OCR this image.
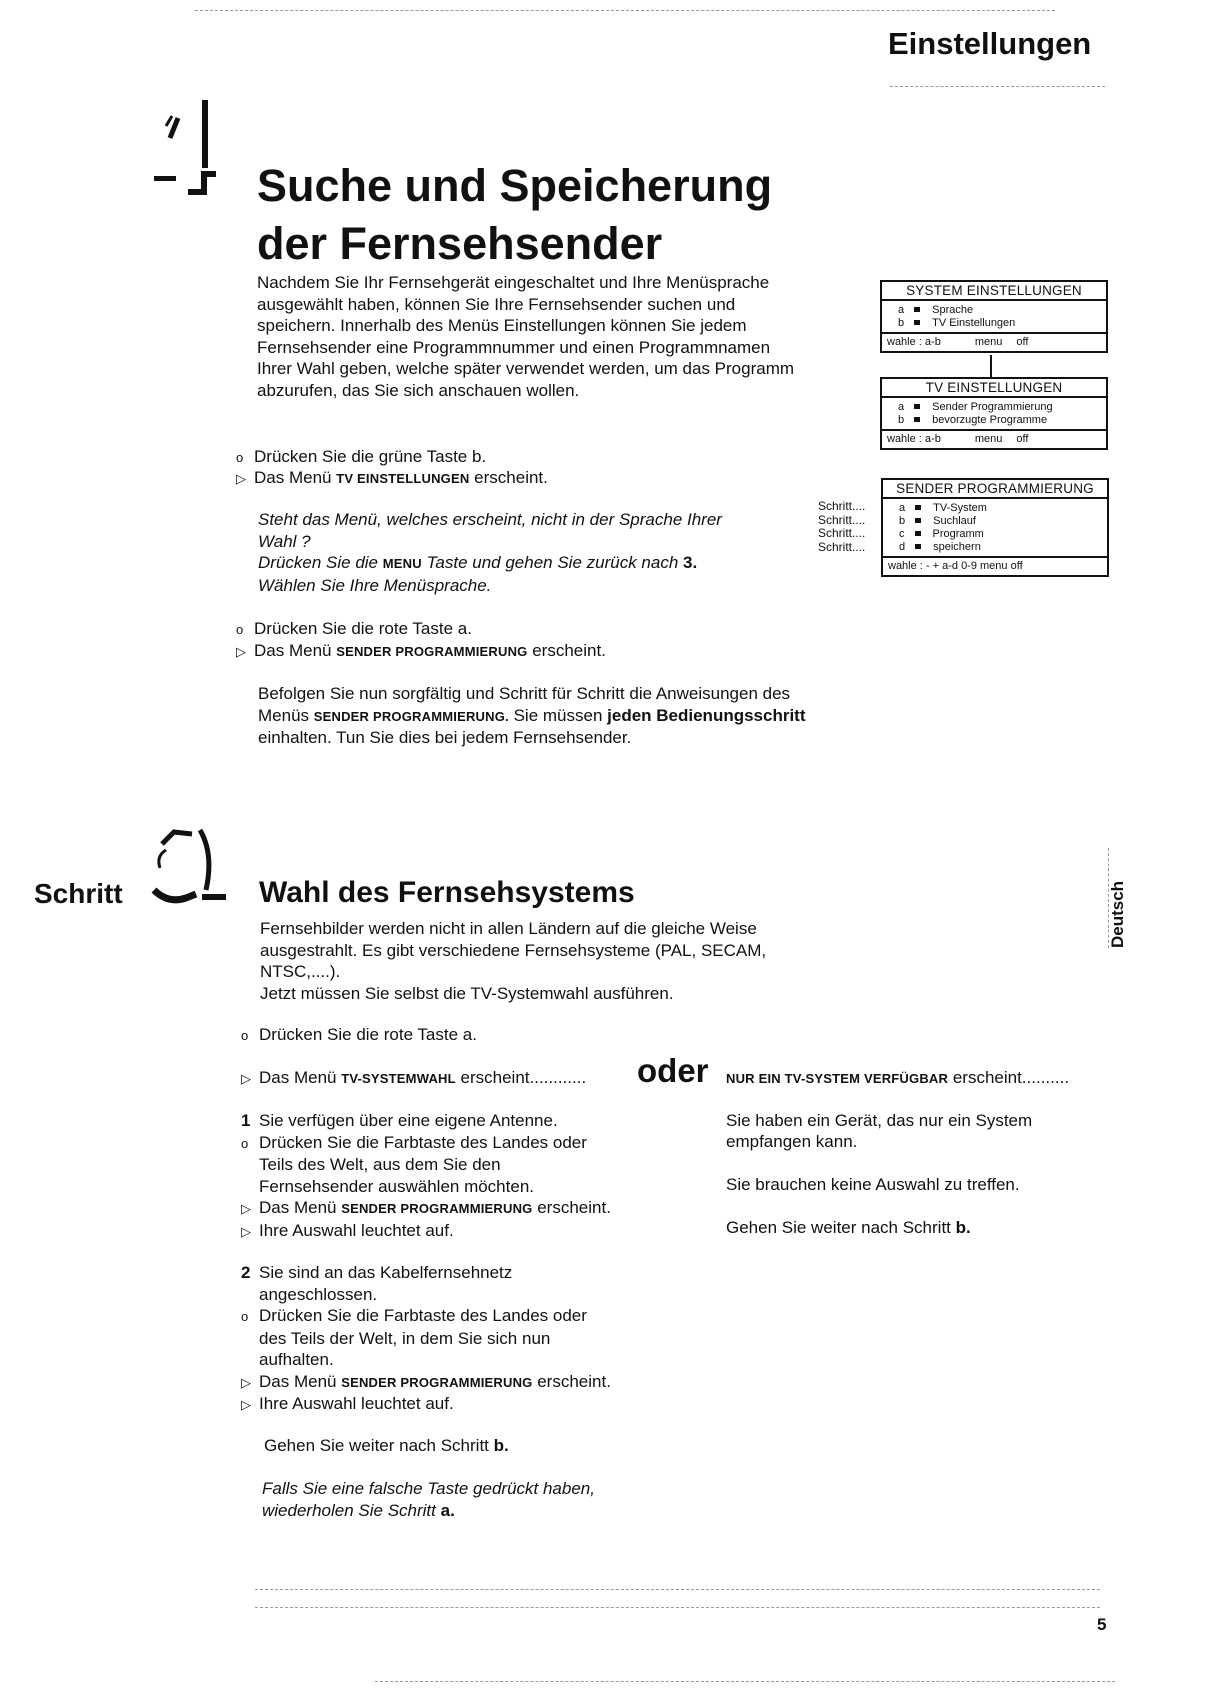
Einstellungen
Suche und Speicherung
der Fernsehsender
Nachdem Sie Ihr Fernsehgerät eingeschaltet und Ihre Menüsprache
ausgewählt haben, können Sie Ihre Fernsehsender suchen und
speichern. Innerhalb des Menüs Einstellungen können Sie jedem
Fernsehsender eine Programmnummer und einen Programmnamen
Ihrer Wahl geben, welche später verwendet werden, um das Programm
abzurufen, das Sie sich anschauen wollen.
o Drücken Sie die grüne Taste b.
▷ Das Menü TV EINSTELLUNGEN erscheint.
Steht das Menü, welches erscheint, nicht in der Sprache Ihrer
Wahl ?
Drücken Sie die MENU Taste und gehen Sie zurück nach 3.
Wählen Sie Ihre Menüsprache.
o Drücken Sie die rote Taste a.
▷ Das Menü SENDER PROGRAMMIERUNG erscheint.
Befolgen Sie nun sorgfältig und Schritt für Schritt die Anweisungen des
Menüs SENDER PROGRAMMIERUNG. Sie müssen jeden Bedienungsschritt
einhalten. Tun Sie dies bei jedem Fernsehsender.
SYSTEM EINSTELLUNGEN
a	Sprache
b	TV Einstellungen
wahle : a-b	menu off
TV EINSTELLUNGEN
a	Sender Programmierung
b	bevorzugte Programme
wahle : a-b	menu off
Schritt....
Schritt....
Schritt....
Schritt....
SENDER PROGRAMMIERUNG
a	TV-System
b	Suchlauf
c	Programm
d	speichern
wahle : - + a-d 0-9 menu off
Schritt	Wahl des Fernsehsystems
Fernsehbilder werden nicht in allen Ländern auf die gleiche Weise
ausgestrahlt. Es gibt verschiedene Fernsehsysteme (PAL, SECAM,
NTSC,....).
Jetzt müssen Sie selbst die TV-Systemwahl ausführen.
o Drücken Sie die rote Taste a.
▷ Das Menü TV-SYSTEMWAHL erscheint............ oder NUR EIN TV-SYSTEM VERFÜGBAR erscheint..........
1 Sie verfügen über eine eigene Antenne.
o Drücken Sie die Farbtaste des Landes oder
Teils des Welt, aus dem Sie den
Fernsehsender auswählen möchten.
▷ Das Menü SENDER PROGRAMMIERUNG erscheint.
▷ Ihre Auswahl leuchtet auf.
2 Sie sind an das Kabelfernsehnetz
angeschlossen.
o Drücken Sie die Farbtaste des Landes oder
des Teils der Welt, in dem Sie sich nun
aufhalten.
▷ Das Menü SENDER PROGRAMMIERUNG erscheint.
▷ Ihre Auswahl leuchtet auf.
Gehen Sie weiter nach Schritt b.
Falls Sie eine falsche Taste gedrückt haben,
wiederholen Sie Schritt a.
Sie haben ein Gerät, das nur ein System
empfangen kann.
Sie brauchen keine Auswahl zu treffen.
Gehen Sie weiter nach Schritt b.
Deutsch
5
